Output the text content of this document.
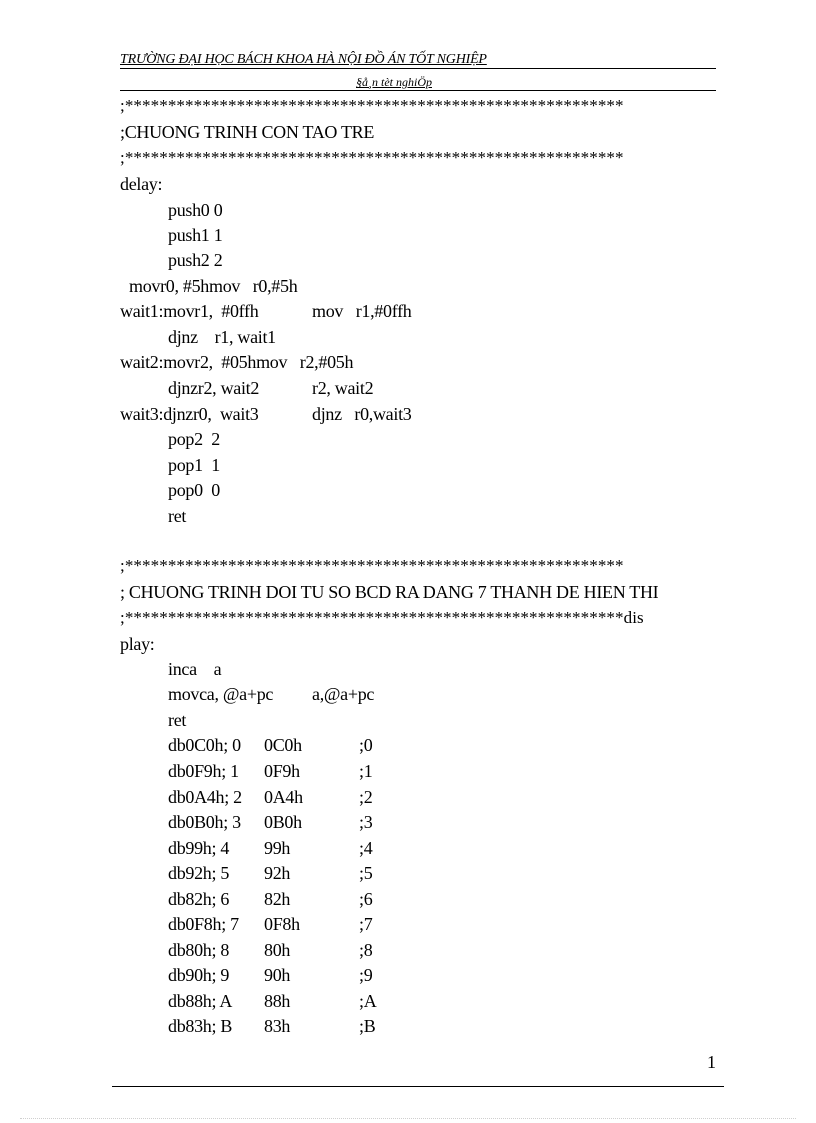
TRƯỜNG ĐẠI HỌC BÁCH KHOA HÀ NỘI ĐỒ ÁN TỐT NGHIỆP
§å¸n tèt nghiÖp
;**********************************************************
;CHUONG TRINH CON TAO TRE
;**********************************************************
delay:
push0 0
push1 1
push2 2
movr0, #5hmov   r0,#5h
wait1:movr1,  #0ffh	mov   r1,#0ffh
djnz    r1, wait1
wait2:movr2,  #05hmov   r2,#05h
djnzr2, wait2	r2, wait2
wait3:djnzr0,  wait3	djnz   r0,wait3
pop2  2
pop1  1
pop0  0
ret
;**********************************************************
; CHUONG TRINH DOI TU SO BCD RA DANG 7 THANH DE HIEN THI
;**********************************************************dis
play:
inca    a
movca, @a+pc a,@a+pc
ret
db0C0h; 0 0C0h	;0
db0F9h; 1 0F9h	;1
db0A4h; 2 0A4h	;2
db0B0h; 3 0B0h	;3
db99h; 4 99h	;4
db92h; 5 92h	;5
db82h; 6 82h	;6
db0F8h; 7 0F8h	;7
db80h; 8 80h	;8
db90h; 9 90h	;9
db88h; A 88h	;A
db83h; B 83h	;B
1
